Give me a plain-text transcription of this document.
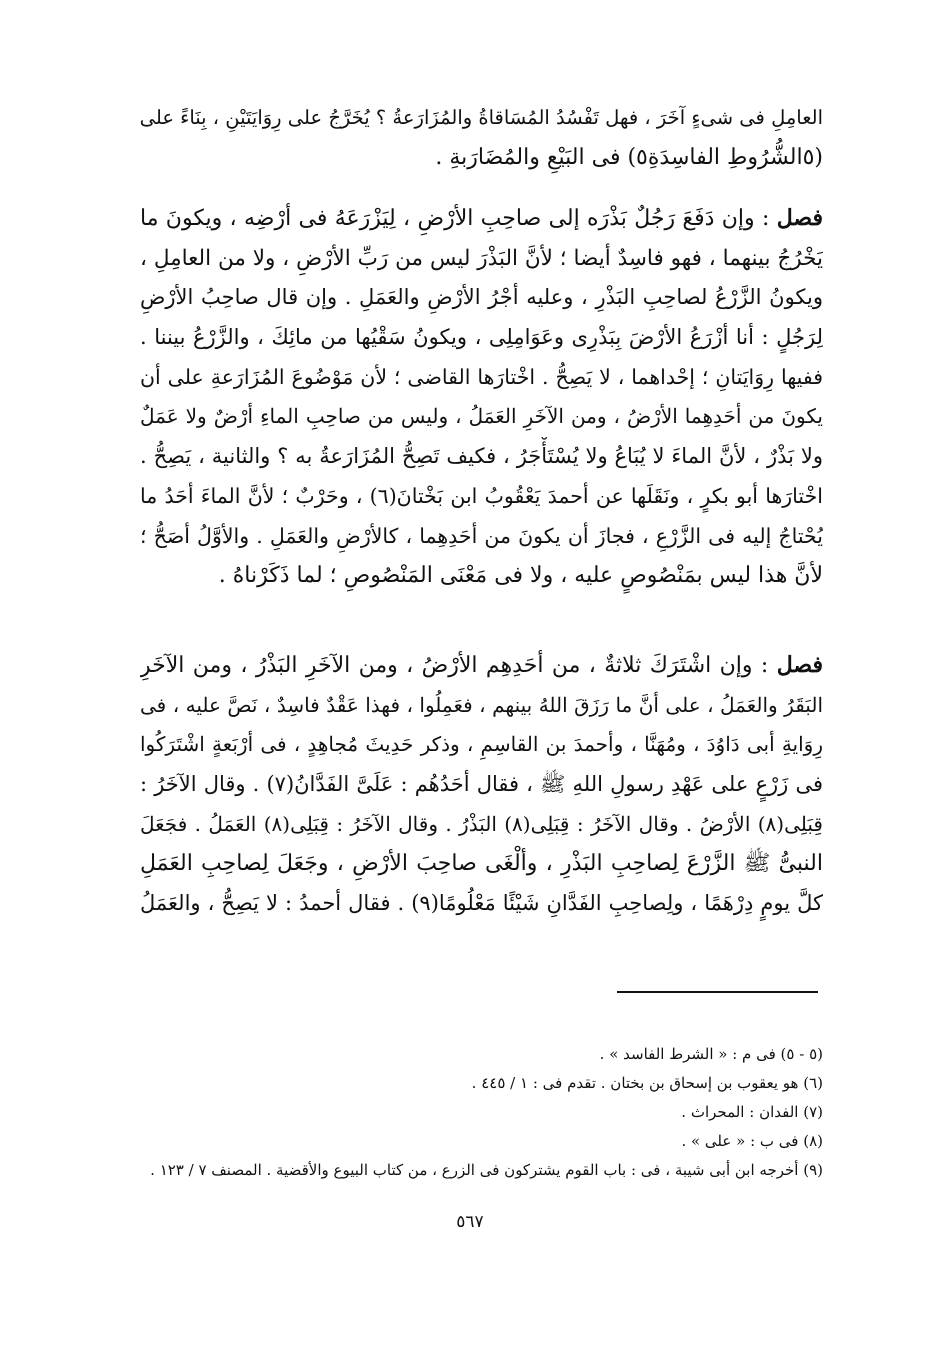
العامِلِ فى شىءٍ آخَرَ ، فهل تَفْسُدُ المُسَاقاةُ والمُزَارَعةُ ؟ يُخَرَّجُ على رِوَايَتَيْنِ ، بِنَاءً على
(٥الشُّرُوطِ الفاسِدَةِ٥) فى البَيْعِ والمُضَارَبةِ .
فصل : وإن دَفَعَ رَجُلٌ بَذْرَه إلى صاحِبِ الأرْضِ ، لِيَزْرَعَهُ فى أرْضِه ، ويكونَ ما
يَخْرُجُ بينهما ، فهو فاسِدٌ أيضا ؛ لأنَّ البَذْرَ ليس من رَبِّ الأرْضِ ، ولا من العامِلِ ،
ويكونُ الزَّرْعُ لصاحِبِ البَذْرِ ، وعليه أجْرُ الأرْضِ والعَمَلِ . وإن قال صاحِبُ الأرْضِ
لِرَجُلٍ : أنا أزْرَعُ الأرْضَ بِبَذْرِى وعَوَامِلِى ، ويكونُ سَقْيُها من مائِكَ ، والزَّرْعُ بيننا .
ففيها رِوَايَتانِ ؛ إحْداهما ، لا يَصِحُّ . اخْتارَها القاضى ؛ لأن مَوْضُوعَ المُزَارَعةِ على أن
يكونَ من أحَدِهِما الأرْضُ ، ومن الآخَرِ العَمَلُ ، وليس من صاحِبِ الماءِ أرْضٌ ولا عَمَلٌ
ولا بَذْرٌ ، لأنَّ الماءَ لا يُبَاعُ ولا يُسْتَأْجَرُ ، فكيف تَصِحُّ المُزَارَعةُ به ؟ والثانية ، يَصِحُّ .
اخْتارَها أبو بكرٍ ، ونَقَلَها عن أحمدَ يَعْقُوبُ ابن بَخْتانَ(٦) ، وحَرْبٌ ؛ لأنَّ الماءَ أحَدُ ما
يُحْتاجُ إليه فى الزَّرْعِ ، فجازَ أن يكونَ من أحَدِهِما ، كالأرْضِ والعَمَلِ . والأوَّلُ أصَحُّ ؛
لأنَّ هذا ليس بمَنْصُوصٍ عليه ، ولا فى مَعْنَى المَنْصُوصِ ؛ لما ذَكَرْناهُ .
فصل : وإن اشْتَرَكَ ثلاثةٌ ، من أحَدِهِم الأرْضُ ، ومن الآخَرِ البَذْرُ ، ومن الآخَرِ
البَقَرُ والعَمَلُ ، على أنَّ ما رَزَقَ اللهُ بينهم ، فعَمِلُوا ، فهذا عَقْدٌ فاسِدٌ ، نَصَّ عليه ، فى
رِوَايةِ أبى دَاوُدَ ، ومُهَنَّا ، وأحمدَ بن القاسِمِ ، وذكر حَدِيثَ مُجاهِدٍ ، فى أرْبَعةٍ اشْتَرَكُوا
فى زَرْعٍ على عَهْدِ رسولِ اللهِ ﷺ ، فقال أحَدُهُم : عَلَىَّ الفَدَّانُ(٧) . وقال الآخَرُ :
قِبَلِى(٨) الأرْضُ . وقال الآخَرُ : قِبَلِى(٨) البَذْرُ . وقال الآخَرُ : قِبَلِى(٨) العَمَلُ . فجَعَلَ
النبىُّ ﷺ الزَّرْعَ لِصاحِبِ البَذْرِ ، وألْغَى صاحِبَ الأرْضِ ، وجَعَلَ لِصاحِبِ العَمَلِ
كلَّ يومٍ دِرْهَمًا ، ولِصاحِبِ الفَدَّانِ شَيْئًا مَعْلُومًا(٩) . فقال أحمدُ : لا يَصِحُّ ، والعَمَلُ
(٥ - ٥) فى م : « الشرط الفاسد » .
(٦) هو يعقوب بن إسحاق بن بختان . تقدم فى : ١ / ٤٤٥ .
(٧) الفدان : المحراث .
(٨) فى ب : « على » .
(٩) أخرجه ابن أبى شيبة ، فى : باب القوم يشتركون فى الزرع ، من كتاب البيوع والأقضية . المصنف ٧ / ١٢٣ .
٥٦٧
